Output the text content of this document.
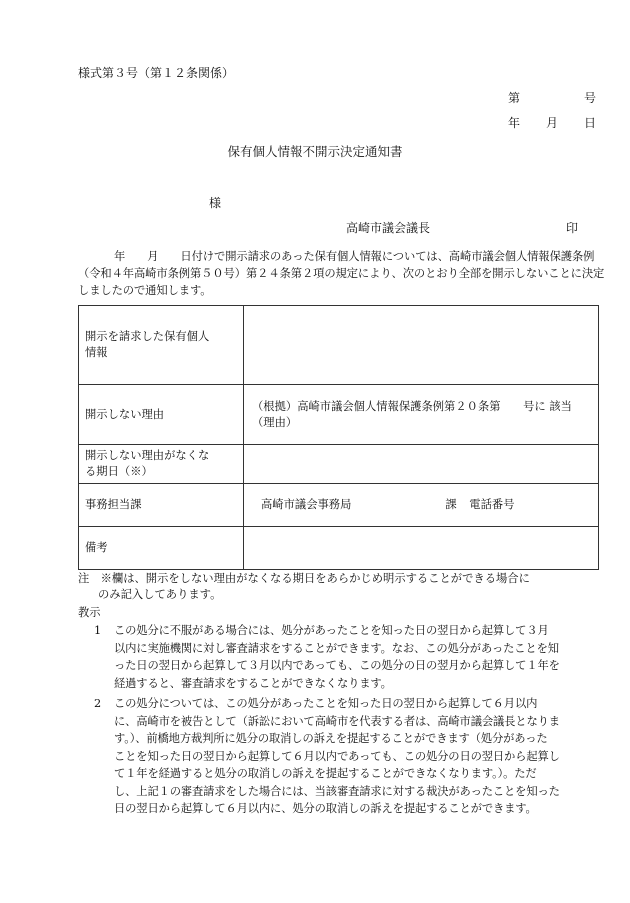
様式第３号（第１２条関係）
第	号
年 月 日
保有個人情報不開示決定通知書
様
高崎市議会議長	印
年 月 日付けで開示請求のあった保有個人情報については、高崎市議会個人情報保護条例
（令和４年高崎市条例第５０号）第２４条第２項の規定により、次のとおり全部を開示しないことに決定
しましたので通知します。
開示を請求した保有個人
情報	

開示しない理由	（根拠）高崎市議会個人情報保護条例第２０条第　　号に 該当 （理由）

開示しない理由がなくな
る期日（※）	

事務担当課	高崎市議会事務局 課 電話番号

備考	

注　※欄は、開示をしない理由がなくなる期日をあらかじめ明示することができる場合に
のみ記入してあります。
教示
1 この処分に不服がある場合には、処分があったことを知った日の翌日から起算して３月
以内に実施機関に対し審査請求をすることができます。なお、この処分があったことを知
った日の翌日から起算して３月以内であっても、この処分の日の翌月から起算して１年を
経過すると、審査請求をすることができなくなります。
2 この処分については、この処分があったことを知った日の翌日から起算して６月以内
に、高崎市を被告として（訴訟において高崎市を代表する者は、高崎市議会議長となりま
す。）、前橋地方裁判所に処分の取消しの訴えを提起することができます（処分があった
ことを知った日の翌日から起算して６月以内であっても、この処分の日の翌日から起算し
て１年を経過すると処分の取消しの訴えを提起することができなくなります。）。ただ
し、上記１の審査請求をした場合には、当該審査請求に対する裁決があったことを知った
日の翌日から起算して６月以内に、処分の取消しの訴えを提起することができます。
